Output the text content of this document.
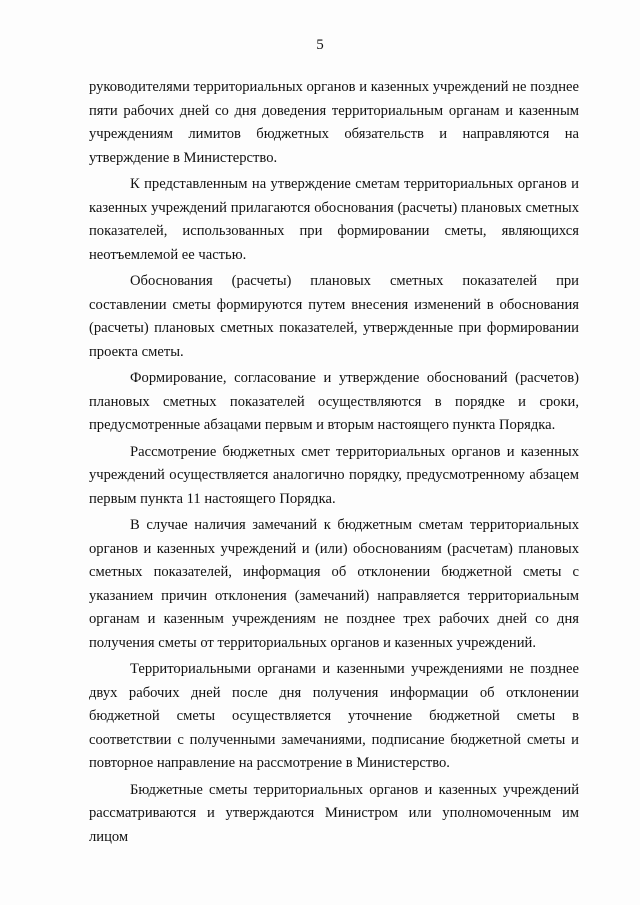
5

руководителями территориальных органов и казенных учреждений не позднее пяти рабочих дней со дня доведения территориальным органам и казенным учреждениям лимитов бюджетных обязательств и направляются на утверждение в Министерство.

К представленным на утверждение сметам территориальных органов и казенных учреждений прилагаются обоснования (расчеты) плановых сметных показателей, использованных при формировании сметы, являющихся неотъемлемой ее частью.

Обоснования (расчеты) плановых сметных показателей при составлении сметы формируются путем внесения изменений в обоснования (расчеты) плановых сметных показателей, утвержденные при формировании проекта сметы.

Формирование, согласование и утверждение обоснований (расчетов) плановых сметных показателей осуществляются в порядке и сроки, предусмотренные абзацами первым и вторым настоящего пункта Порядка.

Рассмотрение бюджетных смет территориальных органов и казенных учреждений осуществляется аналогично порядку, предусмотренному абзацем первым пункта 11 настоящего Порядка.

В случае наличия замечаний к бюджетным сметам территориальных органов и казенных учреждений и (или) обоснованиям (расчетам) плановых сметных показателей, информация об отклонении бюджетной сметы с указанием причин отклонения (замечаний) направляется территориальным органам и казенным учреждениям не позднее трех рабочих дней со дня получения сметы от территориальных органов и казенных учреждений.

Территориальными органами и казенными учреждениями не позднее двух рабочих дней после дня получения информации об отклонении бюджетной сметы осуществляется уточнение бюджетной сметы в соответствии с полученными замечаниями, подписание бюджетной сметы и повторное направление на рассмотрение в Министерство.

Бюджетные сметы территориальных органов и казенных учреждений рассматриваются и утверждаются Министром или уполномоченным им лицом
